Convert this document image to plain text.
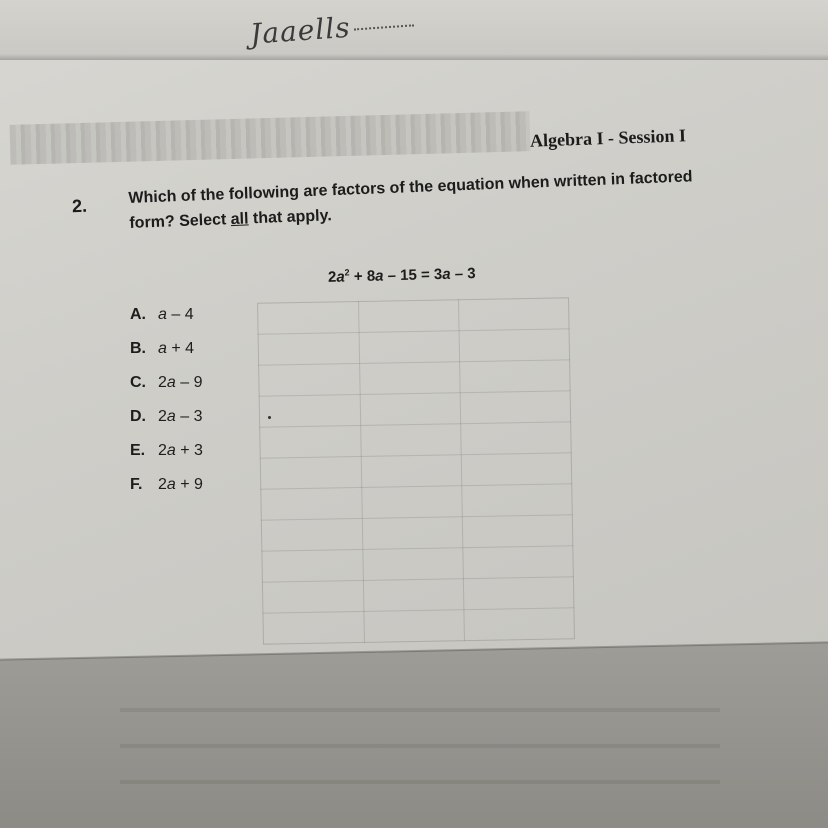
Jaaells
Algebra I - Session I
2.	Which of the following are factors of the equation when written in factored form? Select all that apply.
$2a^2 + 8a - 15 = 3a - 3$
A. a – 4
B. a + 4
C. 2a – 9
D. 2a – 3
E. 2a + 3
F. 2a + 9
